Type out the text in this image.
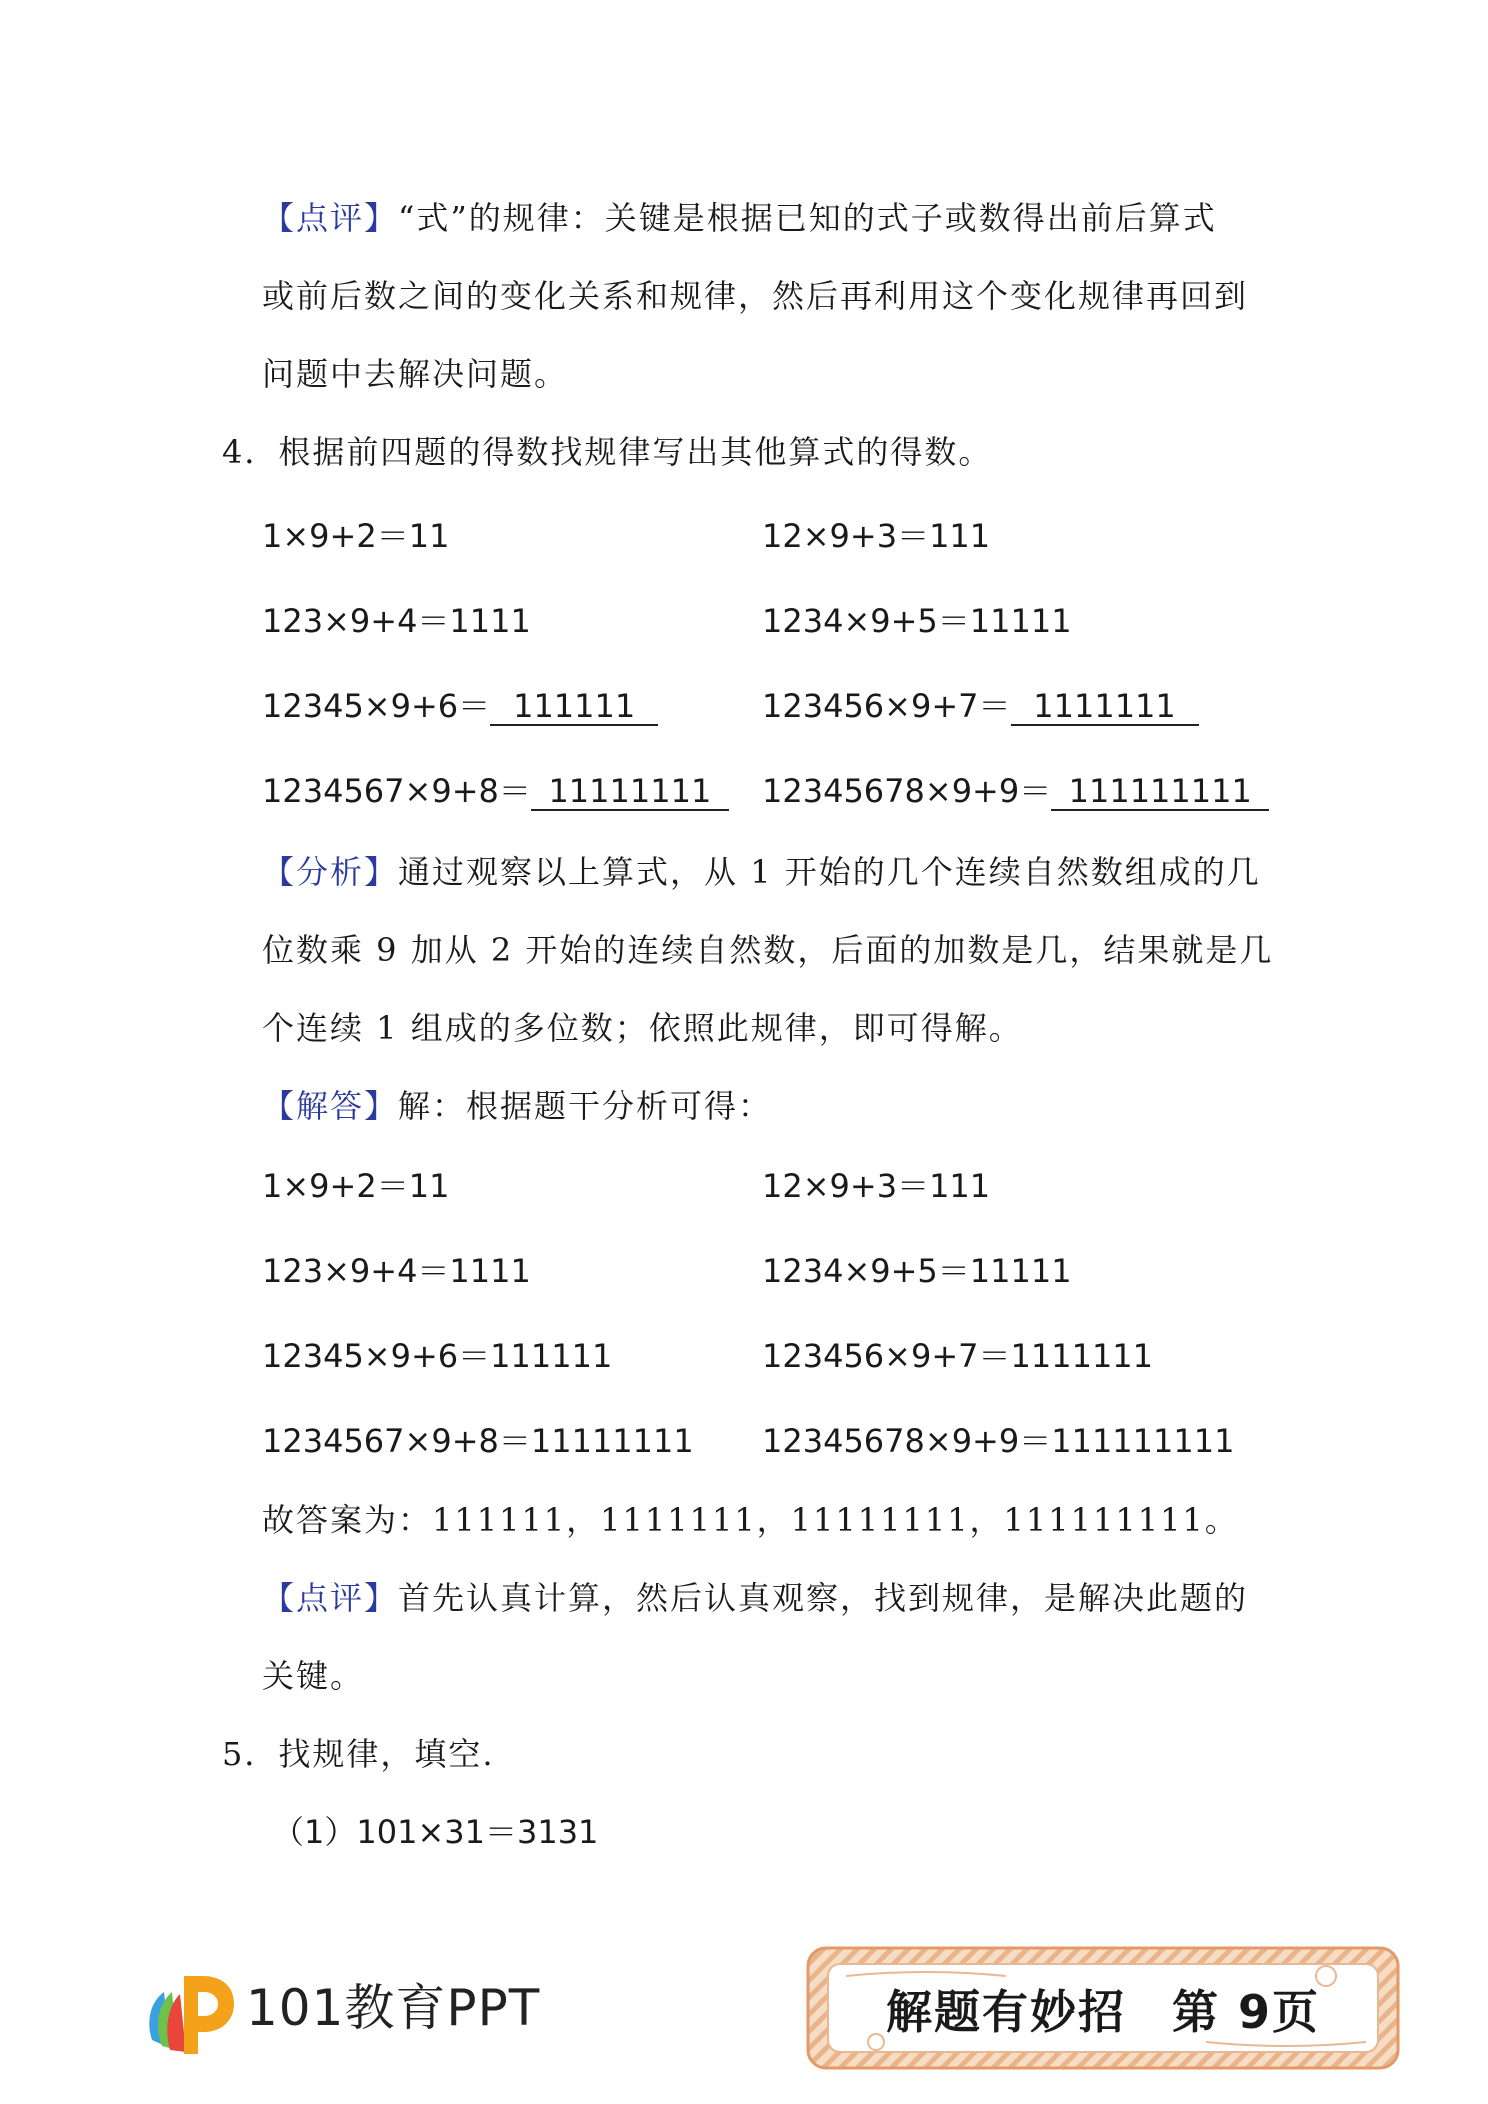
【点评】“式”的规律：关键是根据已知的式子或数得出前后算式
或前后数之间的变化关系和规律，然后再利用这个变化规律再回到
问题中去解决问题。
4．根据前四题的得数找规律写出其他算式的得数。
1×9+2＝11	12×9+3＝111
123×9+4＝1111	1234×9+5＝11111
12345×9+6＝ 111111	123456×9+7＝ 1111111
1234567×9+8＝ 11111111	12345678×9+9＝ 111111111
【分析】通过观察以上算式，从 1 开始的几个连续自然数组成的几
位数乘 9 加从 2 开始的连续自然数，后面的加数是几，结果就是几
个连续 1 组成的多位数；依照此规律，即可得解。
【解答】解：根据题干分析可得：
1×9+2＝11	12×9+3＝111
123×9+4＝1111	1234×9+5＝11111
12345×9+6＝111111	123456×9+7＝1111111
1234567×9+8＝11111111 12345678×9+9＝111111111
故答案为：111111，1111111，11111111，111111111。
【点评】首先认真计算，然后认真观察，找到规律，是解决此题的
关键。
5．找规律，填空.
（1）101×31＝3131
101教育PPT	解题有妙招 第 9页
